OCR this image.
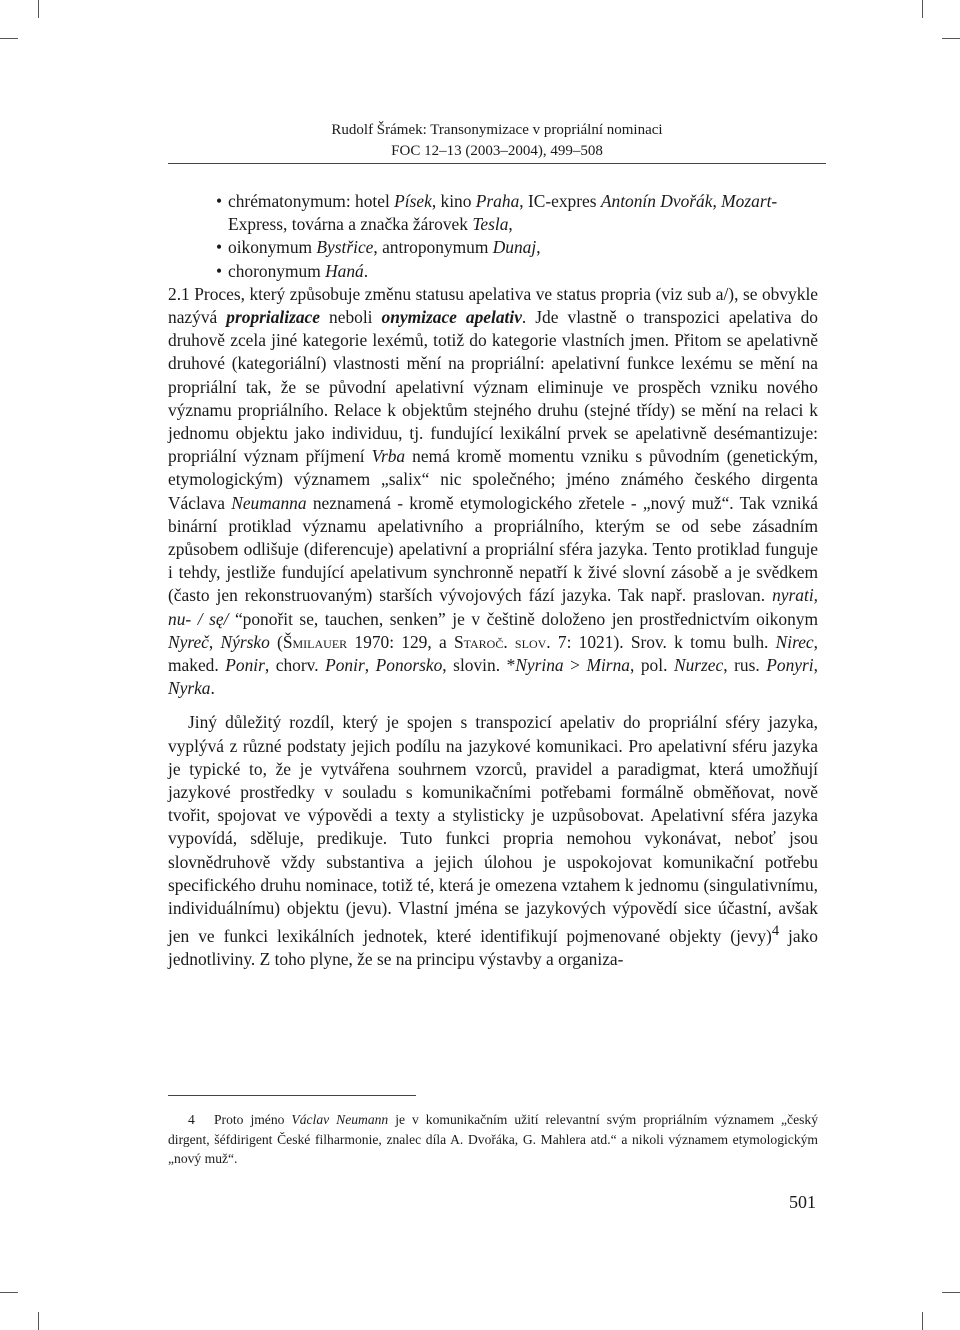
Rudolf Šrámek: Transonymizace v propriální nominaci
FOC 12–13 (2003–2004), 499–508
• chrématonymum: hotel Písek, kino Praha, IC-expres Antonín Dvořák, Mozart-Express, továrna a značka žárovek Tesla,
• oikonymum Bystřice, antroponymum Dunaj,
• choronymum Haná.

2.1 Proces, který způsobuje změnu statusu apelativa ve status propria (viz sub a/), se obvykle nazývá proprializace neboli onymizace apelativ. Jde vlastně o transpozici apelativa do druhově zcela jiné kategorie lexémů, totiž do kategorie vlastních jmen. Přitom se apelativně druhové (kategoriální) vlastnosti mění na propriální: apelativní funkce lexému se mění na propriální tak, že se původní apelativní význam eliminuje ve prospěch vzniku nového významu propriálního. Relace k objektům stejného druhu (stejné třídy) se mění na relaci k jednomu objektu jako individuu, tj. fundující lexikální prvek se apelativně desémantizuje: propriální význam příjmení Vrba nemá kromě momentu vzniku s původním (genetickým, etymologickým) významem „salix“ nic společného; jméno známého českého dirgenta Václava Neumanna neznamená - kromě etymologického zřetele - „nový muž“. Tak vzniká binární protiklad významu apelativního a propriálního, kterým se od sebe zásadním způsobem odlišuje (diferencuje) apelativní a propriální sféra jazyka. Tento protiklad funguje i tehdy, jestliže fundující apelativum synchronně nepatří k živé slovní zásobě a je svědkem (často jen rekonstruovaným) starších vývojových fází jazyka. Tak např. praslovan. nyrati, nu- / sę/ “ponořit se, tauchen, senken” je v češtině doloženo jen prostřednictvím oikonym Nyreč, Nýrsko (Šmilauer 1970: 129, a Staroč. slov. 7: 1021). Srov. k tomu bulh. Nirec, maked. Ponir, chorv. Ponir, Ponorsko, slovin. *Nyrina > Mirna, pol. Nurzec, rus. Ponyri, Nyrka.

Jiný důležitý rozdíl, který je spojen s transpozicí apelativ do propriální sféry jazyka, vyplývá z různé podstaty jejich podílu na jazykové komunikaci. Pro apelativní sféru jazyka je typické to, že je vytvářena souhrnem vzorců, pravidel a paradigmat, která umožňují jazykové prostředky v souladu s komunikačními potřebami formálně obměňovat, nově tvořit, spojovat ve výpovědi a texty a stylisticky je uzpůsobovat. Apelativní sféra jazyka vypovídá, sděluje, predikuje. Tuto funkci propria nemohou vykonávat, neboť jsou slovnědruhově vždy substantiva a jejich úlohou je uspokojovat komunikační potřebu specifického druhu nominace, totiž té, která je omezena vztahem k jednomu (singulativnímu, individuálnímu) objektu (jevu). Vlastní jména se jazykových výpovědí sice účastní, avšak jen ve funkci lexikálních jednotek, které identifikují pojmenované objekty (jevy)$^4$ jako jednotliviny. Z toho plyne, že se na principu výstavby a organiza-

4 Proto jméno Václav Neumann je v komunikačním užití relevantní svým propriálním významem „český dirgent, šéfdirigent České filharmonie, znalec díla A. Dvořáka, G. Mahlera atd.“ a nikoli významem etymologickým „nový muž“.

501
